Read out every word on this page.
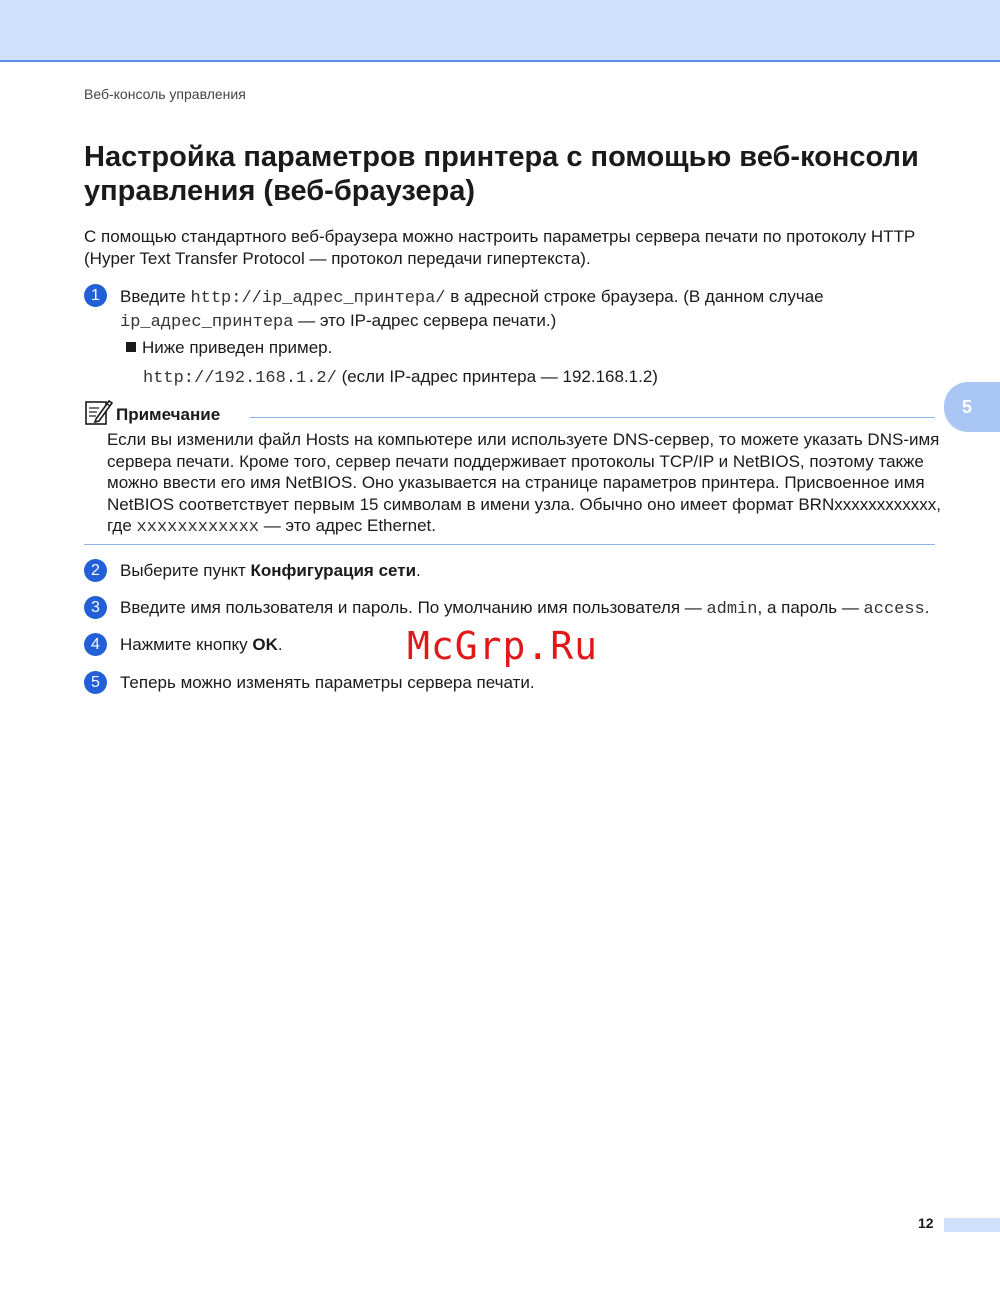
Веб-консоль управления
Настройка параметров принтера с помощью веб-консоли управления (веб-браузера)

С помощью стандартного веб-браузера можно настроить параметры сервера печати по протоколу HTTP (Hyper Text Transfer Protocol — протокол передачи гипертекста).

1	Введите http://ip_адрес_принтера/ в адресной строке браузера. (В данном случае ip_адрес_принтера — это IP-адрес сервера печати.)

Ниже приведен пример.
http://192.168.1.2/ (если IP-адрес принтера — 192.168.1.2)
Примечание

Если вы изменили файл Hosts на компьютере или используете DNS-сервер, то можете указать DNS-имя сервера печати. Кроме того, сервер печати поддерживает протоколы TCP/IP и NetBIOS, поэтому также можно ввести его имя NetBIOS. Оно указывается на странице параметров принтера. Присвоенное имя NetBIOS соответствует первым 15 символам в имени узла. Обычно оно имеет формат BRNxxxxxxxxxxxx, где xxxxxxxxxxxx — это адрес Ethernet.

2	Выберите пункт Конфигурация сети.

3	Введите имя пользователя и пароль. По умолчанию имя пользователя — admin, а пароль — access.

4	Нажмите кнопку OK.

5	Теперь можно изменять параметры сервера печати.

5
McGrp.Ru
12
